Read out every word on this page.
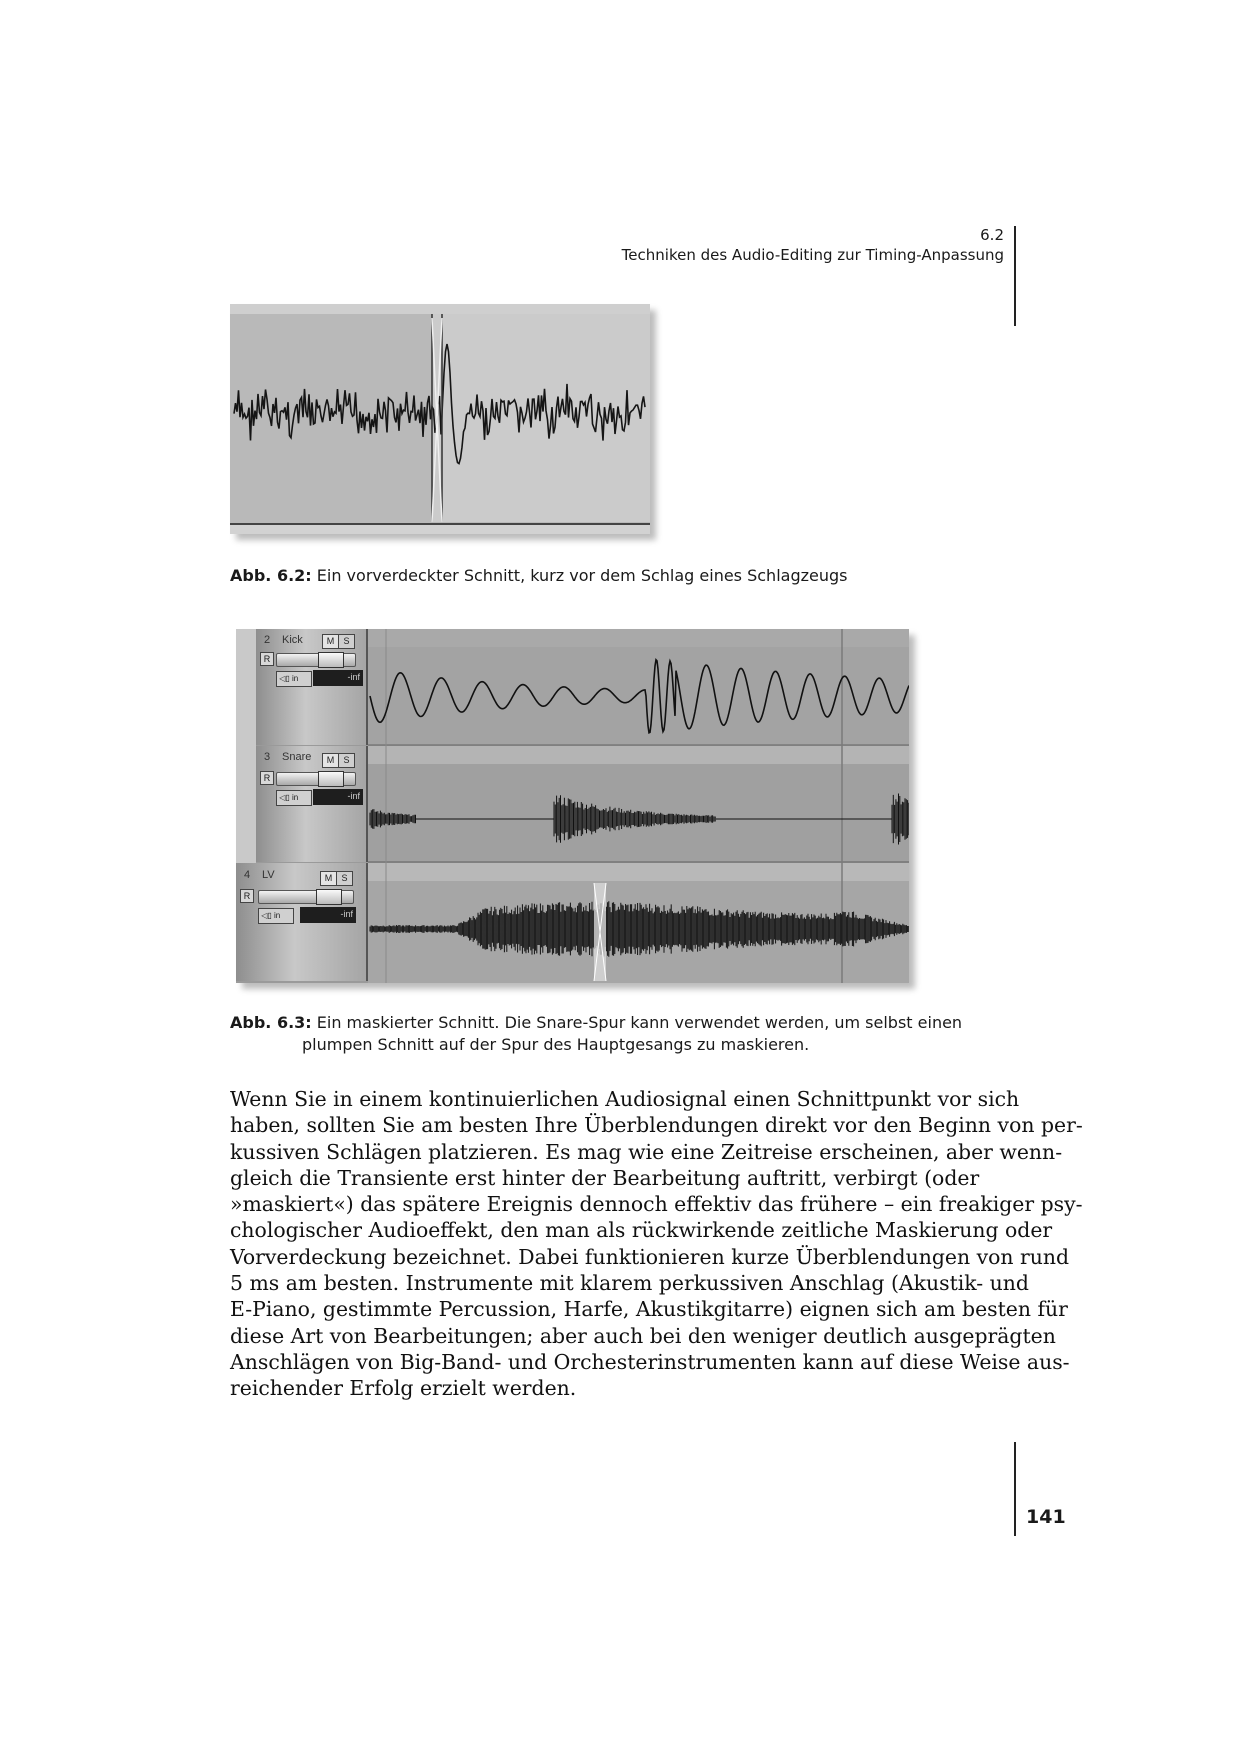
6.2
Techniken des Audio-Editing zur Timing-Anpassung
Abb. 6.2: Ein vorverdeckter Schnitt, kurz vor dem Schlag eines Schlagzeugs
2 Kick	M	S
R
◁▯ in	-inf
3 Snare	M	S
R
◁▯ in	-inf
4 LV	M	S
R
◁▯ in	-inf
Abb. 6.3: Ein maskierter Schnitt. Die Snare-Spur kann verwendet werden, um selbst einen
plumpen Schnitt auf der Spur des Hauptgesangs zu maskieren.
Wenn Sie in einem kontinuierlichen Audiosignal einen Schnittpunkt vor sich
haben, sollten Sie am besten Ihre Überblendungen direkt vor den Beginn von per-
kussiven Schlägen platzieren. Es mag wie eine Zeitreise erscheinen, aber wenn-
gleich die Transiente erst hinter der Bearbeitung auftritt, verbirgt (oder
»maskiert«) das spätere Ereignis dennoch effektiv das frühere – ein freakiger psy-
chologischer Audioeffekt, den man als rückwirkende zeitliche Maskierung oder
Vorverdeckung bezeichnet. Dabei funktionieren kurze Überblendungen von rund
5 ms am besten. Instrumente mit klarem perkussiven Anschlag (Akustik- und
E-Piano, gestimmte Percussion, Harfe, Akustikgitarre) eignen sich am besten für
diese Art von Bearbeitungen; aber auch bei den weniger deutlich ausgeprägten
Anschlägen von Big-Band- und Orchesterinstrumenten kann auf diese Weise aus-
reichender Erfolg erzielt werden.
141
